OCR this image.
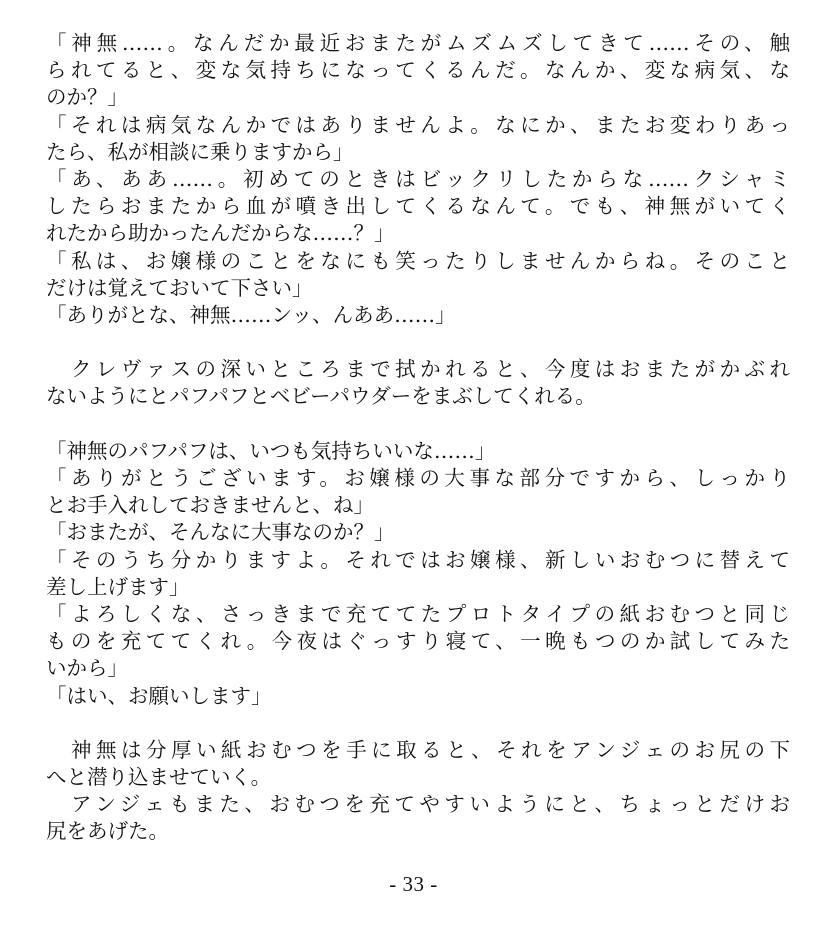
「神無……。なんだか最近おまたがムズムズしてきて……その、触
られてると、変な気持ちになってくるんだ。なんか、変な病気、な
のか？」
「それは病気なんかではありませんよ。なにか、またお変わりあっ
たら、私が相談に乗りますから」
「あ、ああ……。初めてのときはビックリしたからな……クシャミ
したらおまたから血が噴き出してくるなんて。でも、神無がいてく
れたから助かったんだからな……？」
「私は、お嬢様のことをなにも笑ったりしませんからね。そのこと
だけは覚えておいて下さい」
「ありがとな、神無……ンッ、んああ……」
　クレヴァスの深いところまで拭かれると、今度はおまたがかぶれ
ないようにとパフパフとベビーパウダーをまぶしてくれる。
「神無のパフパフは、いつも気持ちいいな……」
「ありがとうございます。お嬢様の大事な部分ですから、しっかり
とお手入れしておきませんと、ね」
「おまたが、そんなに大事なのか？」
「そのうち分かりますよ。それではお嬢様、新しいおむつに替えて
差し上げます」
「よろしくな、さっきまで充ててたプロトタイプの紙おむつと同じ
ものを充ててくれ。今夜はぐっすり寝て、一晩もつのか試してみた
いから」
「はい、お願いします」
　神無は分厚い紙おむつを手に取ると、それをアンジェのお尻の下
へと潜り込ませていく。
　アンジェもまた、おむつを充てやすいようにと、ちょっとだけお
尻をあげた。
- 33 -
